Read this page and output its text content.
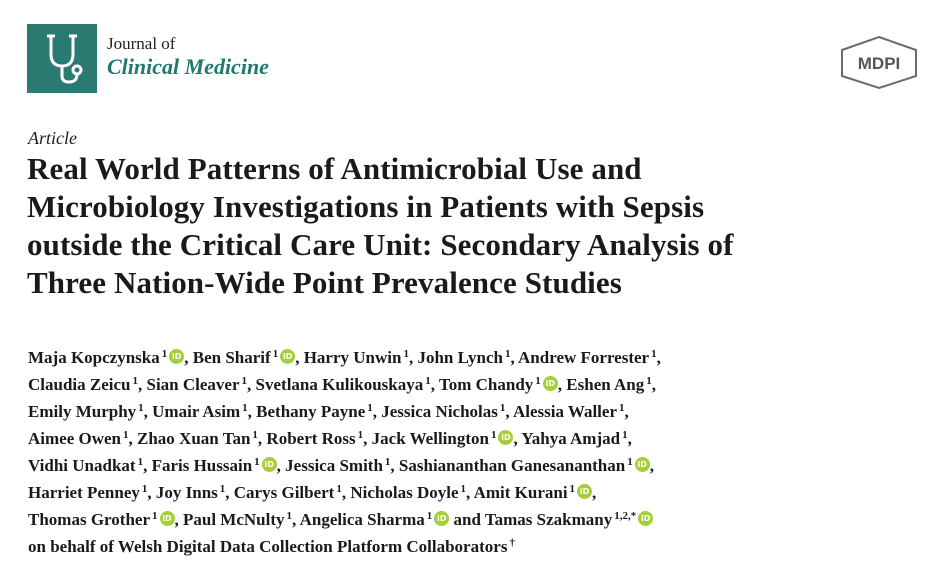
Journal of
Clinical Medicine	MDPI
Article
Real World Patterns of Antimicrobial Use and
Microbiology Investigations in Patients with Sepsis
outside the Critical Care Unit: Secondary Analysis of
Three Nation-Wide Point Prevalence Studies
Maja Kopczynska $^1$ iD , Ben Sharif $^1$ iD , Harry Unwin $^1$, John Lynch $^1$, Andrew Forrester $^1$,
Claudia Zeicu $^1$, Sian Cleaver $^1$, Svetlana Kulikouskaya $^1$, Tom Chandy $^1$ iD , Eshen Ang $^1$,
Emily Murphy $^1$, Umair Asim $^1$, Bethany Payne $^1$, Jessica Nicholas $^1$, Alessia Waller $^1$,
Aimee Owen $^1$, Zhao Xuan Tan $^1$, Robert Ross $^1$, Jack Wellington $^1$ iD , Yahya Amjad $^1$,
Vidhi Unadkat $^1$, Faris Hussain $^1$ iD , Jessica Smith $^1$, Sashiananthan Ganesananthan $^1$ iD ,
Harriet Penney $^1$, Joy Inns $^1$, Carys Gilbert $^1$, Nicholas Doyle $^1$, Amit Kurani $^1$ iD ,
Thomas Grother $^1$ iD , Paul McNulty $^1$, Angelica Sharma $^1$ iD and Tamas Szakmany $^{1,2,*}$ iD
on behalf of Welsh Digital Data Collection Platform Collaborators †
